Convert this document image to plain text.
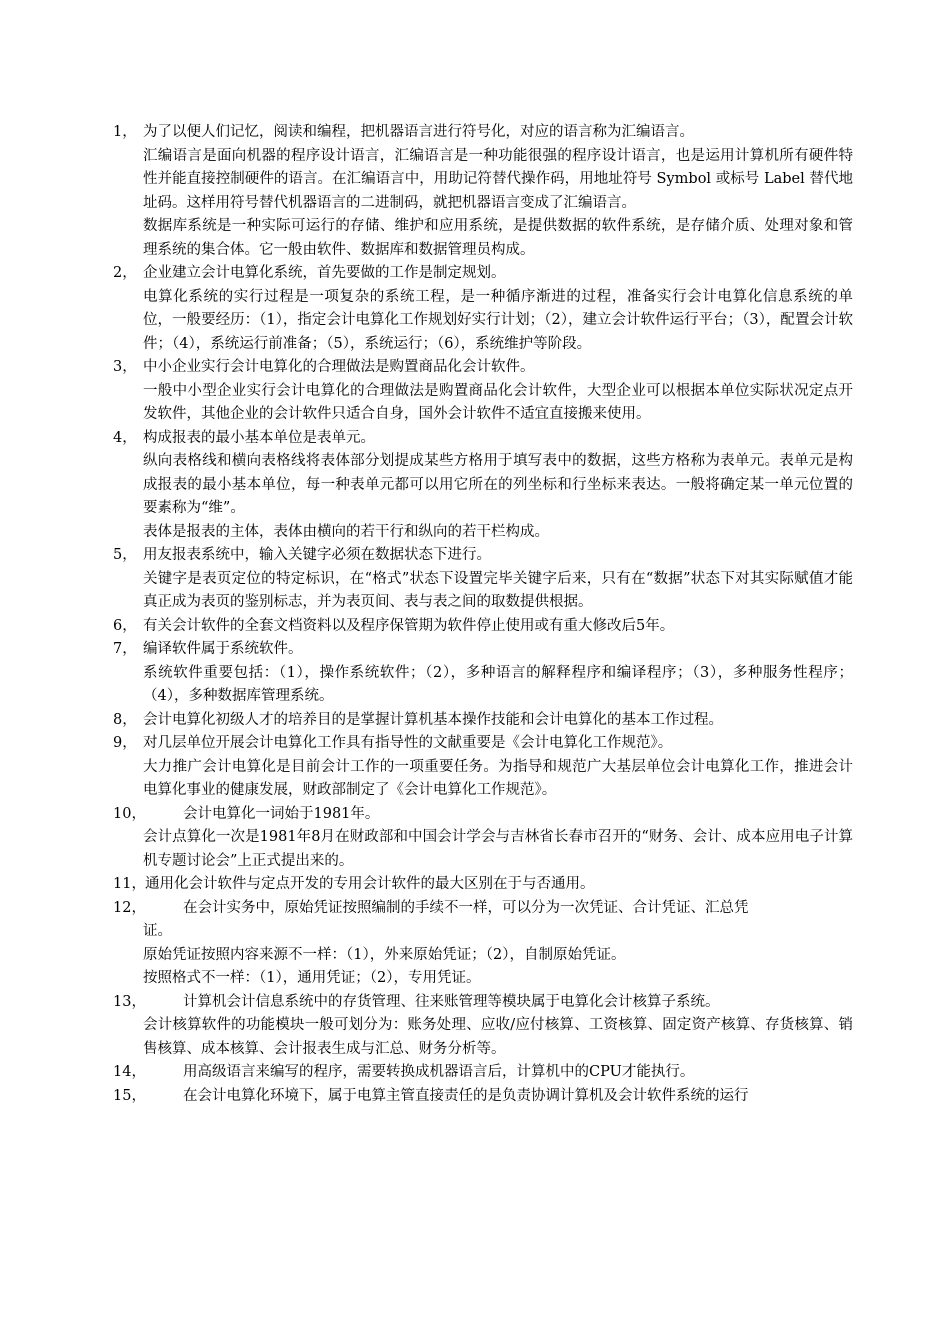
1， 为了以便人们记忆，阅读和编程，把机器语言进行符号化，对应的语言称为汇编语言。
汇编语言是面向机器的程序设计语言，汇编语言是一种功能很强的程序设计语言，也是运用计算机所有硬件特性并能直接控制硬件的语言。在汇编语言中，用助记符替代操作码，用地址符号 Symbol 或标号 Label 替代地址码。这样用符号替代机器语言的二进制码，就把机器语言变成了汇编语言。
数据库系统是一种实际可运行的存储、维护和应用系统，是提供数据的软件系统，是存储介质、处理对象和管理系统的集合体。它一般由软件、数据库和数据管理员构成。
2， 企业建立会计电算化系统，首先要做的工作是制定规划。
电算化系统的实行过程是一项复杂的系统工程，是一种循序渐进的过程，准备实行会计电算化信息系统的单位，一般要经历：（1），指定会计电算化工作规划好实行计划；（2），建立会计软件运行平台；（3），配置会计软件；（4），系统运行前准备；（5），系统运行；（6），系统维护等阶段。
3， 中小企业实行会计电算化的合理做法是购置商品化会计软件。
一般中小型企业实行会计电算化的合理做法是购置商品化会计软件，大型企业可以根据本单位实际状况定点开发软件，其他企业的会计软件只适合自身，国外会计软件不适宜直接搬来使用。
4， 构成报表的最小基本单位是表单元。
纵向表格线和横向表格线将表体部分划提成某些方格用于填写表中的数据，这些方格称为表单元。表单元是构成报表的最小基本单位，每一种表单元都可以用它所在的列坐标和行坐标来表达。一般将确定某一单元位置的要素称为“维”。
表体是报表的主体，表体由横向的若干行和纵向的若干栏构成。
5， 用友报表系统中，输入关键字必须在数据状态下进行。
关键字是表页定位的特定标识，在“格式”状态下设置完毕关键字后来，只有在“数据”状态下对其实际赋值才能真正成为表页的鉴别标志，并为表页间、表与表之间的取数提供根据。
6， 有关会计软件的全套文档资料以及程序保管期为软件停止使用或有重大修改后5年。
7， 编译软件属于系统软件。
系统软件重要包括：（1），操作系统软件；（2），多种语言的解释程序和编译程序；（3），多种服务性程序；（4），多种数据库管理系统。
8， 会计电算化初级人才的培养目的是掌握计算机基本操作技能和会计电算化的基本工作过程。
9， 对几层单位开展会计电算化工作具有指导性的文献重要是《会计电算化工作规范》。
大力推广会计电算化是目前会计工作的一项重要任务。为指导和规范广大基层单位会计电算化工作，推进会计电算化事业的健康发展，财政部制定了《会计电算化工作规范》。
10，	会计电算化一词始于1981年。
会计点算化一次是1981年8月在财政部和中国会计学会与吉林省长春市召开的“财务、会计、成本应用电子计算机专题讨论会”上正式提出来的。
11， 通用化会计软件与定点开发的专用会计软件的最大区别在于与否通用。
12，	在会计实务中，原始凭证按照编制的手续不一样，可以分为一次凭证、合计凭证、汇总凭
证。
原始凭证按照内容来源不一样：（1），外来原始凭证；（2），自制原始凭证。
按照格式不一样：（1），通用凭证；（2），专用凭证。
13，	计算机会计信息系统中的存货管理、往来账管理等模块属于电算化会计核算子系统。
会计核算软件的功能模块一般可划分为：账务处理、应收/应付核算、工资核算、固定资产核算、存货核算、销售核算、成本核算、会计报表生成与汇总、财务分析等。
14，	用高级语言来编写的程序，需要转换成机器语言后，计算机中的CPU才能执行。
15，	在会计电算化环境下，属于电算主管直接责任的是负责协调计算机及会计软件系统的运行
